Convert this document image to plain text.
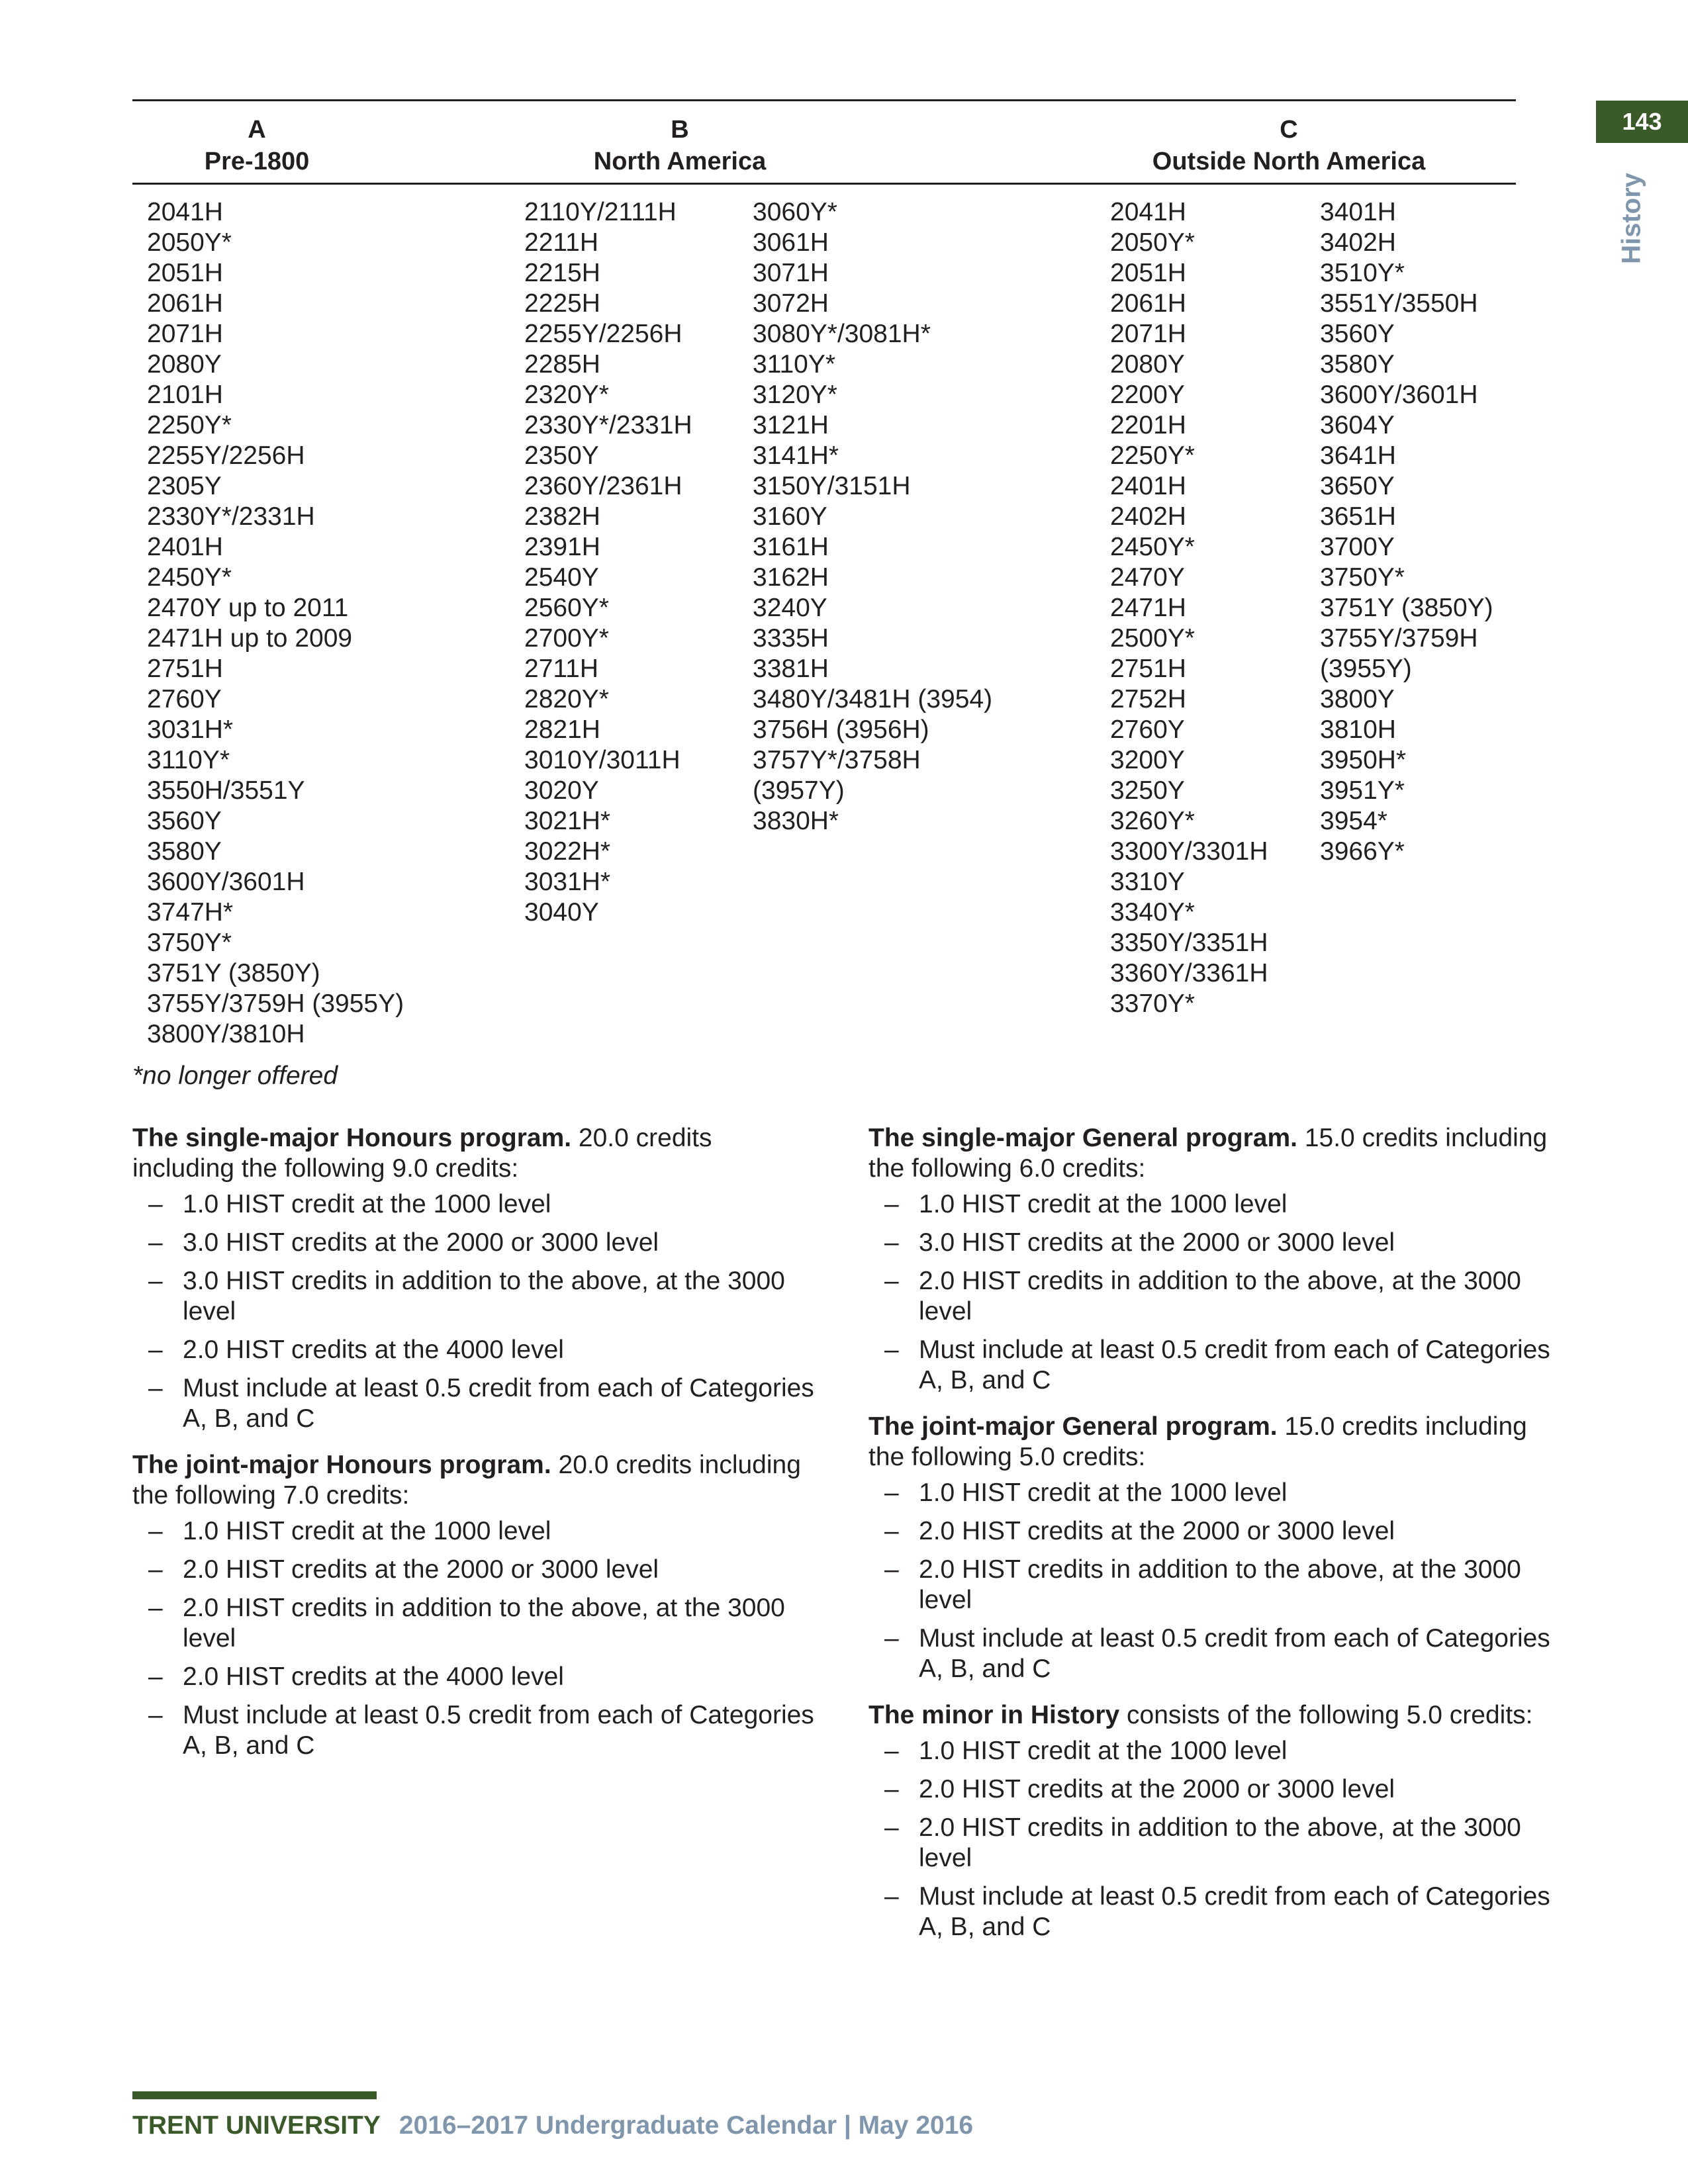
143
History
A
Pre-1800
B
North America
C
Outside North America
2041H
2050Y*
2051H
2061H
2071H
2080Y
2101H
2250Y*
2255Y/2256H
2305Y
2330Y*/2331H
2401H
2450Y*
2470Y up to 2011
2471H up to 2009
2751H
2760Y
3031H*
3110Y*
3550H/3551Y
3560Y
3580Y
3600Y/3601H
3747H*
3750Y*
3751Y (3850Y)
3755Y/3759H (3955Y)
3800Y/3810H
2110Y/2111H
2211H
2215H
2225H
2255Y/2256H
2285H
2320Y*
2330Y*/2331H
2350Y
2360Y/2361H
2382H
2391H
2540Y
2560Y*
2700Y*
2711H
2820Y*
2821H
3010Y/3011H
3020Y
3021H*
3022H*
3031H*
3040Y
3060Y*
3061H
3071H
3072H
3080Y*/3081H*
3110Y*
3120Y*
3121H
3141H*
3150Y/3151H
3160Y
3161H
3162H
3240Y
3335H
3381H
3480Y/3481H (3954)
3756H (3956H)
3757Y*/3758H
(3957Y)
3830H*
2041H
2050Y*
2051H
2061H
2071H
2080Y
2200Y
2201H
2250Y*
2401H
2402H
2450Y*
2470Y
2471H
2500Y*
2751H
2752H
2760Y
3200Y
3250Y
3260Y*
3300Y/3301H
3310Y
3340Y*
3350Y/3351H
3360Y/3361H
3370Y*
3401H
3402H
3510Y*
3551Y/3550H
3560Y
3580Y
3600Y/3601H
3604Y
3641H
3650Y
3651H
3700Y
3750Y*
3751Y (3850Y)
3755Y/3759H
(3955Y)
3800Y
3810H
3950H*
3951Y*
3954*
3966Y*
*no longer offered

The single-major Honours program. 20.0 credits including the following 9.0 credits:

– 1.0 HIST credit at the 1000 level
– 3.0 HIST credits at the 2000 or 3000 level
– 3.0 HIST credits in addition to the above, at the 3000 level
– 2.0 HIST credits at the 4000 level
– Must include at least 0.5 credit from each of Categories A, B, and C

The joint-major Honours program. 20.0 credits including the following 7.0 credits:

– 1.0 HIST credit at the 1000 level
– 2.0 HIST credits at the 2000 or 3000 level
– 2.0 HIST credits in addition to the above, at the 3000 level
– 2.0 HIST credits at the 4000 level
– Must include at least 0.5 credit from each of Categories A, B, and C

The single-major General program. 15.0 credits including the following 6.0 credits:

– 1.0 HIST credit at the 1000 level
– 3.0 HIST credits at the 2000 or 3000 level
– 2.0 HIST credits in addition to the above, at the 3000 level
– Must include at least 0.5 credit from each of Categories A, B, and C

The joint-major General program. 15.0 credits including the following 5.0 credits:

– 1.0 HIST credit at the 1000 level
– 2.0 HIST credits at the 2000 or 3000 level
– 2.0 HIST credits in addition to the above, at the 3000 level
– Must include at least 0.5 credit from each of Categories A, B, and C

The minor in History consists of the following 5.0 credits:

– 1.0 HIST credit at the 1000 level
– 2.0 HIST credits at the 2000 or 3000 level
– 2.0 HIST credits in addition to the above, at the 3000 level
– Must include at least 0.5 credit from each of Categories A, B, and C
TRENT UNIVERSITY 2016–2017 Undergraduate Calendar | May 2016
